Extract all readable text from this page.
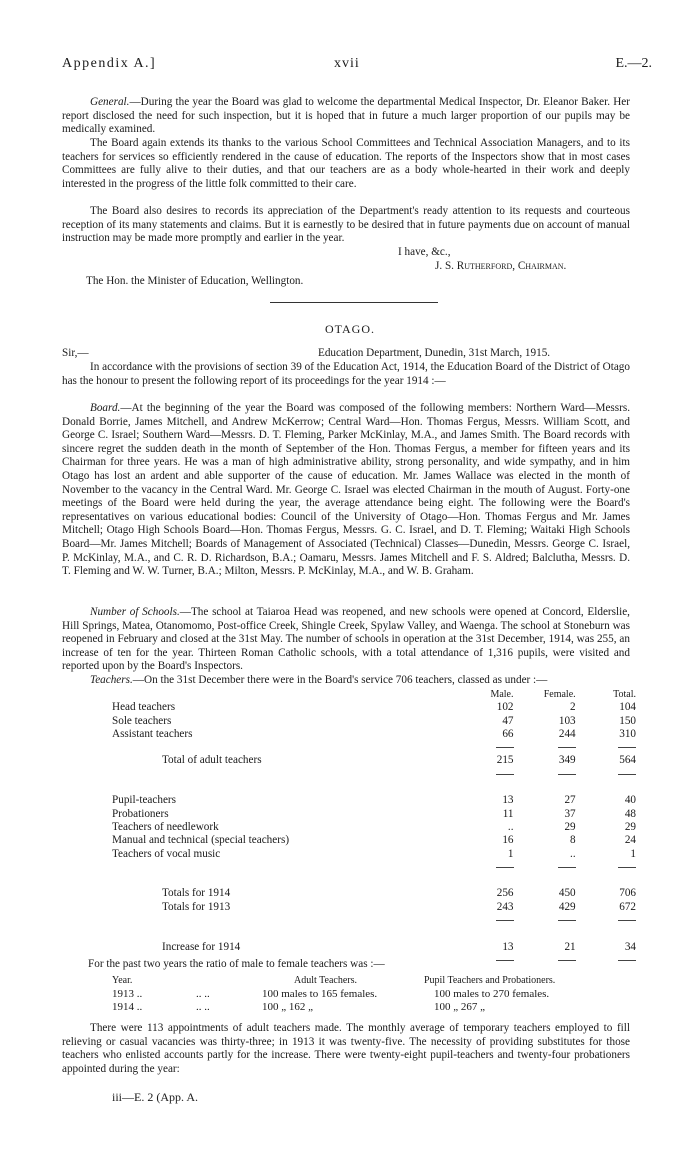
Appendix A.]	xvii	E.—2.

General.—During the year the Board was glad to welcome the departmental Medical Inspector, Dr. Eleanor Baker. Her report disclosed the need for such inspection, but it is hoped that in future a much larger proportion of our pupils may be medically examined.

The Board again extends its thanks to the various School Committees and Technical Association Managers, and to its teachers for services so efficiently rendered in the cause of education. The reports of the Inspectors show that in most cases Committees are fully alive to their duties, and that our teachers are as a body whole-hearted in their work and deeply interested in the progress of the little folk committed to their care.

The Board also desires to records its appreciation of the Department's ready attention to its requests and courteous reception of its many statements and claims. But it is earnestly to be desired that in future payments due on account of manual instruction may be made more promptly and earlier in the year.

I have, &c.,
J. S. Rutherford, Chairman.
The Hon. the Minister of Education, Wellington.
OTAGO.
Sir,—	Education Department, Dunedin, 31st March, 1915.

In accordance with the provisions of section 39 of the Education Act, 1914, the Education Board of the District of Otago has the honour to present the following report of its proceedings for the year 1914 :—

Board.—At the beginning of the year the Board was composed of the following members: Northern Ward—Messrs. Donald Borrie, James Mitchell, and Andrew McKerrow; Central Ward—Hon. Thomas Fergus, Messrs. William Scott, and George C. Israel; Southern Ward—Messrs. D. T. Fleming, Parker McKinlay, M.A., and James Smith. The Board records with sincere regret the sudden death in the month of September of the Hon. Thomas Fergus, a member for fifteen years and its Chairman for three years. He was a man of high administrative ability, strong personality, and wide sympathy, and in him Otago has lost an ardent and able supporter of the cause of education. Mr. James Wallace was elected in the month of November to the vacancy in the Central Ward. Mr. George C. Israel was elected Chairman in the mouth of August. Forty-one meetings of the Board were held during the year, the average attendance being eight. The following were the Board's representatives on various educational bodies: Council of the University of Otago—Hon. Thomas Fergus and Mr. James Mitchell; Otago High Schools Board—Hon. Thomas Fergus, Messrs. G. C. Israel, and D. T. Fleming; Waitaki High Schools Board—Mr. James Mitchell; Boards of Management of Associated (Technical) Classes—Dunedin, Messrs. George C. Israel, P. McKinlay, M.A., and C. R. D. Richardson, B.A.; Oamaru, Messrs. James Mitchell and F. S. Aldred; Balclutha, Messrs. D. T. Fleming and W. W. Turner, B.A.; Milton, Messrs. P. McKinlay, M.A., and W. B. Graham.

Number of Schools.—The school at Taiaroa Head was reopened, and new schools were opened at Concord, Elderslie, Hill Springs, Matea, Otanomomo, Post-office Creek, Shingle Creek, Spylaw Valley, and Waenga. The school at Stoneburn was reopened in February and closed at the 31st May. The number of schools in operation at the 31st December, 1914, was 255, an increase of ten for the year. Thirteen Roman Catholic schools, with a total attendance of 1,316 pupils, were visited and reported upon by the Board's Inspectors.

Teachers.—On the 31st December there were in the Board's service 706 teachers, classed as under :—

	Male.	Female.	Total.
Head teachers	102	2	104
Sole teachers	47	103	150
Assistant teachers	66	244	310

Total of adult teachers	215	349	564

Pupil-teachers	13	27	40
Probationers	11	37	48
Teachers of needlework	..	29	29
Manual and technical (special teachers)	16	8	24
Teachers of vocal music	1	..	1

Totals for 1914	256	450	706
Totals for 1913	243	429	672

Increase for 1914	13	21	34

For the past two years the ratio of male to female teachers was :—
Year.	Adult Teachers.	Pupil Teachers and Probationers.
1913 ..	.. ..	100 males to 165 females.	100 males to 270 females.
1914 ..	.. ..	100 „ 162 „	100 „ 267 „

There were 113 appointments of adult teachers made. The monthly average of temporary teachers employed to fill relieving or casual vacancies was thirty-three; in 1913 it was twenty-five. The necessity of providing substitutes for those teachers who enlisted accounts partly for the increase. There were twenty-eight pupil-teachers and twenty-four probationers appointed during the year:

iii—E. 2 (App. A.
